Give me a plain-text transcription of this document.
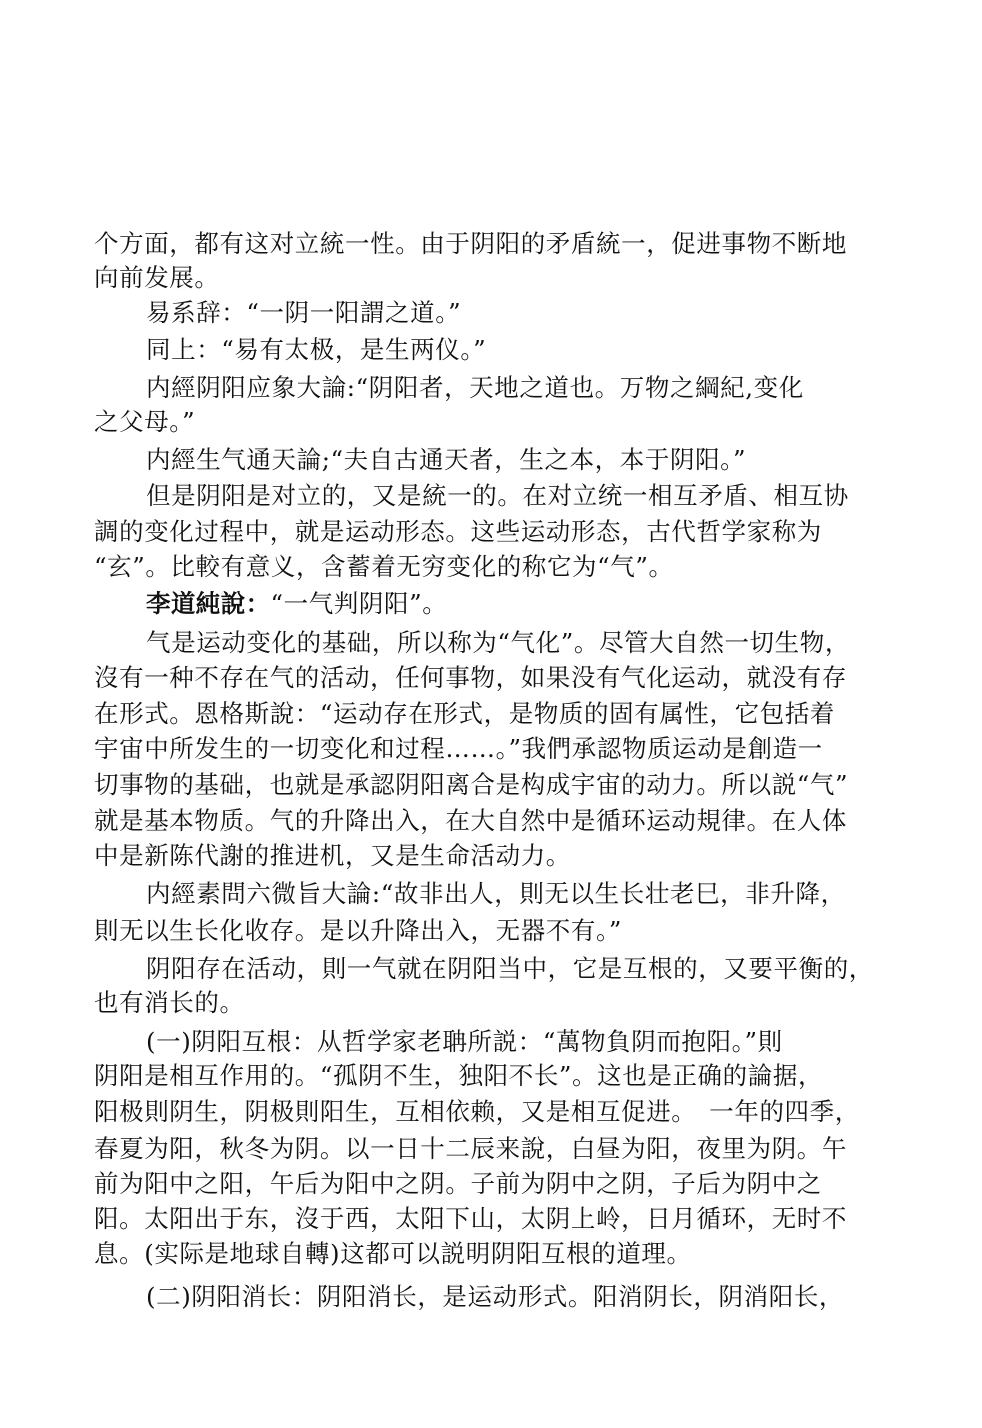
个方面，都有这对立統一性。由于阴阳的矛盾統一，促进事物不断地
向前发展。
易系辞：“一阴一阳謂之道。”
同上：“易有太极，是生两仪。”
内經阴阳应象大論:“阴阳者，天地之道也。万物之綱紀,变化
之父母。”
内經生气通天論;“夫自古通天者，生之本，本于阴阳。”
但是阴阳是对立的，又是統一的。在对立统一相互矛盾、相互协
調的变化过程中，就是运动形态。这些运动形态，古代哲学家称为
“玄”。比較有意义，含蓄着无穷变化的称它为“气”。
李道純說：“一气判阴阳”。
气是运动变化的基础，所以称为“气化”。尽管大自然一切生物，
沒有一种不存在气的活动，任何事物，如果没有气化运动，就没有存
在形式。恩格斯說：“运动存在形式，是物质的固有属性，它包括着
宇宙中所发生的一切变化和过程……。”我們承認物质运动是創造一
切事物的基础，也就是承認阴阳离合是构成宇宙的动力。所以説“气”
就是基本物质。气的升降出入，在大自然中是循环运动規律。在人体
中是新陈代謝的推进机，又是生命活动力。
内經素問六微旨大論:“故非出人，則无以生长壮老巳，非升降，
則无以生长化收存。是以升降出入，无器不有。”
阴阳存在活动，則一气就在阴阳当中，它是互根的，又要平衡的，
也有消长的。
(一)阴阳互根：从哲学家老聃所説：“萬物負阴而抱阳。”則
阴阳是相互作用的。“孤阴不生，独阳不长”。这也是正确的論据，
阳极則阴生，阴极則阳生，互相依赖，又是相互促进。　一年的四季，
春夏为阳，秋冬为阴。以一日十二辰来說，白昼为阳，夜里为阴。午
前为阳中之阳，午后为阳中之阴。子前为阴中之阴，子后为阴中之
阳。太阳出于东，沒于西，太阳下山，太阴上岭，日月循环，无时不
息。(实际是地球自轉)这都可以説明阴阳互根的道理。
(二)阴阳消长：阴阳消长，是运动形式。阳消阴长，阴消阳长，
